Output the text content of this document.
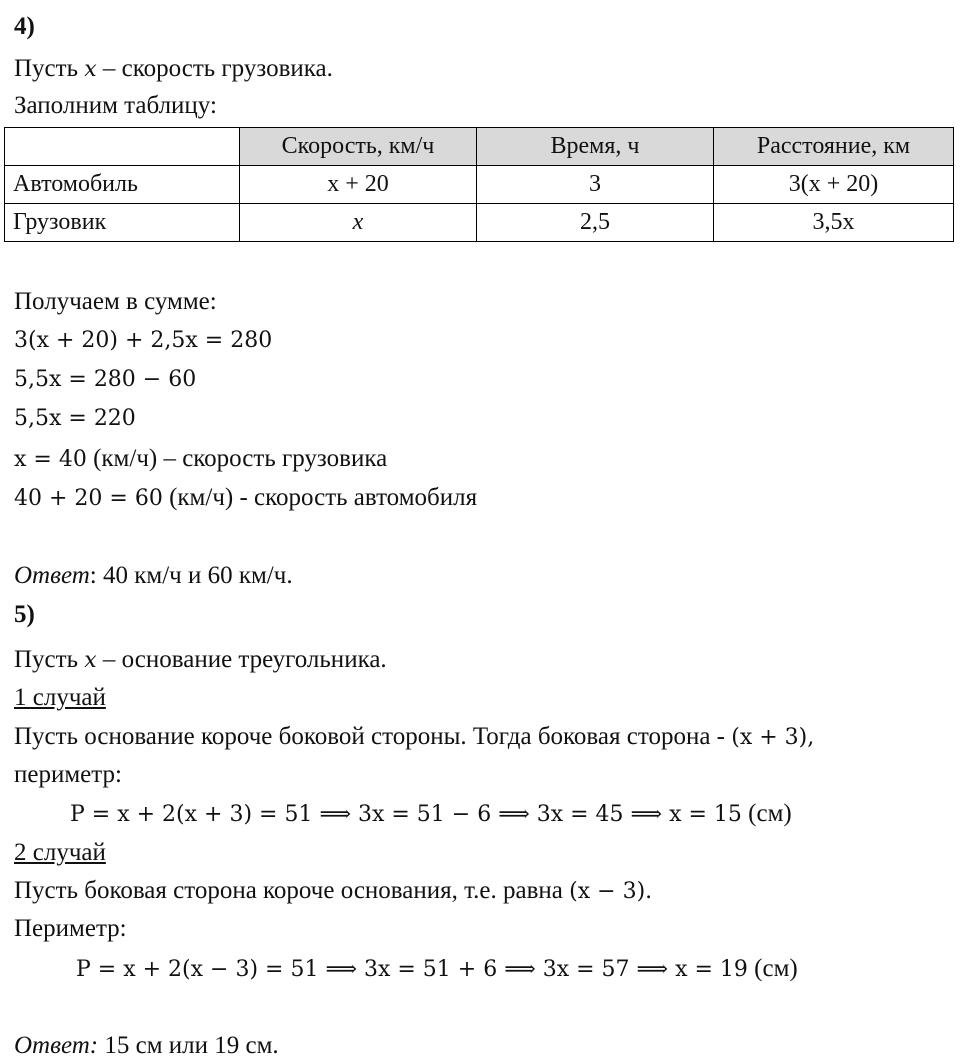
4)
Пусть x – скорость грузовика.
Заполним таблицу:
	Скорость, км/ч	Время, ч	Расстояние, км
Автомобиль	x + 20	3	3(x + 20)
Грузовик	x	2,5	3,5x
Получаем в сумме:
3(x + 20) + 2,5x = 280
5,5x = 280 − 60
5,5x = 220
x = 40 (км/ч) – скорость грузовика
40 + 20 = 60 (км/ч) - скорость автомобиля
Ответ: 40 км/ч и 60 км/ч.
5)
Пусть x – основание треугольника.
1 случай
Пусть основание короче боковой стороны. Тогда боковая сторона - (x + 3),
периметр:
P = x + 2(x + 3) = 51 ⟹ 3x = 51 − 6 ⟹ 3x = 45 ⟹ x = 15 (см)
2 случай
Пусть боковая сторона короче основания, т.е. равна (x − 3).
Периметр:
P = x + 2(x − 3) = 51 ⟹ 3x = 51 + 6 ⟹ 3x = 57 ⟹ x = 19 (см)
Ответ: 15 см или 19 см.
